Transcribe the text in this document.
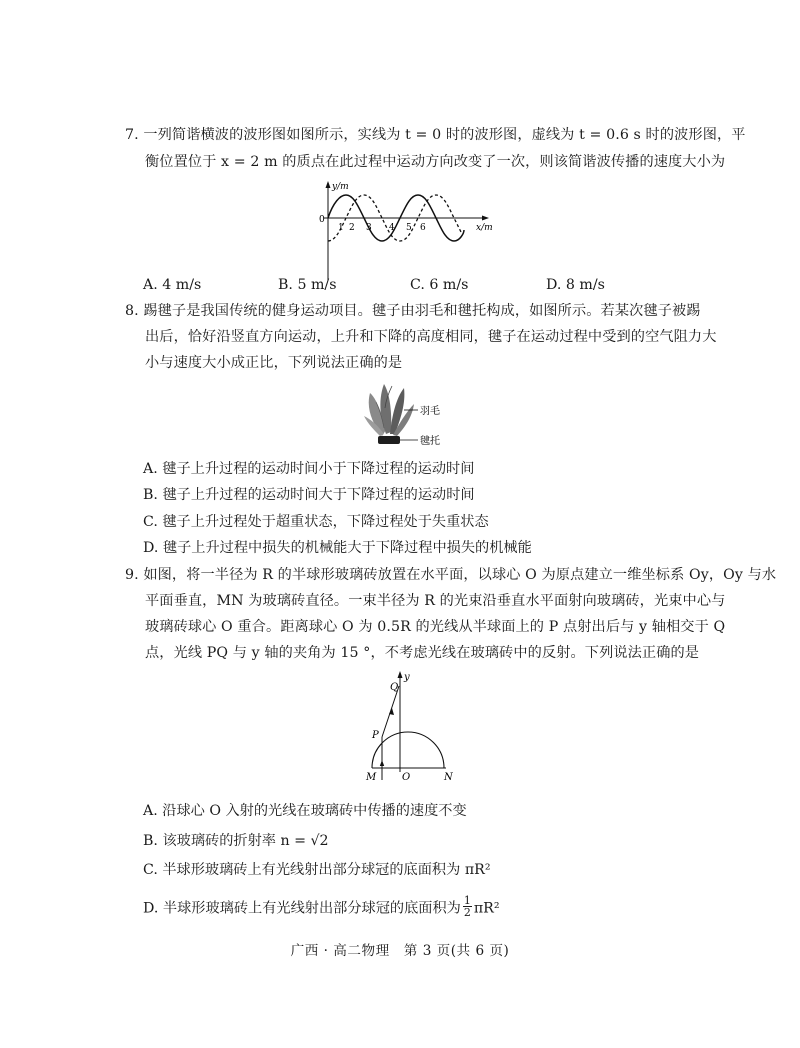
7. 一列简谐横波的波形图如图所示，实线为 t = 0 时的波形图，虚线为 t = 0.6 s 时的波形图，平
衡位置位于 x = 2 m 的质点在此过程中运动方向改变了一次，则该简谐波传播的速度大小为
y/m
0
x/m
1 2 3 4 5 6
A. 4 m/s	B. 5 m/s	C. 6 m/s	D. 8 m/s
8. 踢毽子是我国传统的健身运动项目。毽子由羽毛和毽托构成，如图所示。若某次毽子被踢
出后，恰好沿竖直方向运动，上升和下降的高度相同，毽子在运动过程中受到的空气阻力大
小与速度大小成正比，下列说法正确的是
羽毛
毽托
A. 毽子上升过程的运动时间小于下降过程的运动时间
B. 毽子上升过程的运动时间大于下降过程的运动时间
C. 毽子上升过程处于超重状态，下降过程处于失重状态
D. 毽子上升过程中损失的机械能大于下降过程中损失的机械能
9. 如图，将一半径为 R 的半球形玻璃砖放置在水平面，以球心 O 为原点建立一维坐标系 Oy，Oy 与水
平面垂直，MN 为玻璃砖直径。一束半径为 R 的光束沿垂直水平面射向玻璃砖，光束中心与
玻璃砖球心 O 重合。距离球心 O 为 0.5R 的光线从半球面上的 P 点射出后与 y 轴相交于 Q
点，光线 PQ 与 y 轴的夹角为 15 °，不考虑光线在玻璃砖中的反射。下列说法正确的是
Q
y
P
M	O	N
A. 沿球心 O 入射的光线在玻璃砖中传播的速度不变
B. 该玻璃砖的折射率 n = √2
C. 半球形玻璃砖上有光线射出部分球冠的底面积为 πR²
D. 半球形玻璃砖上有光线射出部分球冠的底面积为 $\frac{1}{2} \pi R^2$
广西 · 高二物理　第 3 页(共 6 页)
